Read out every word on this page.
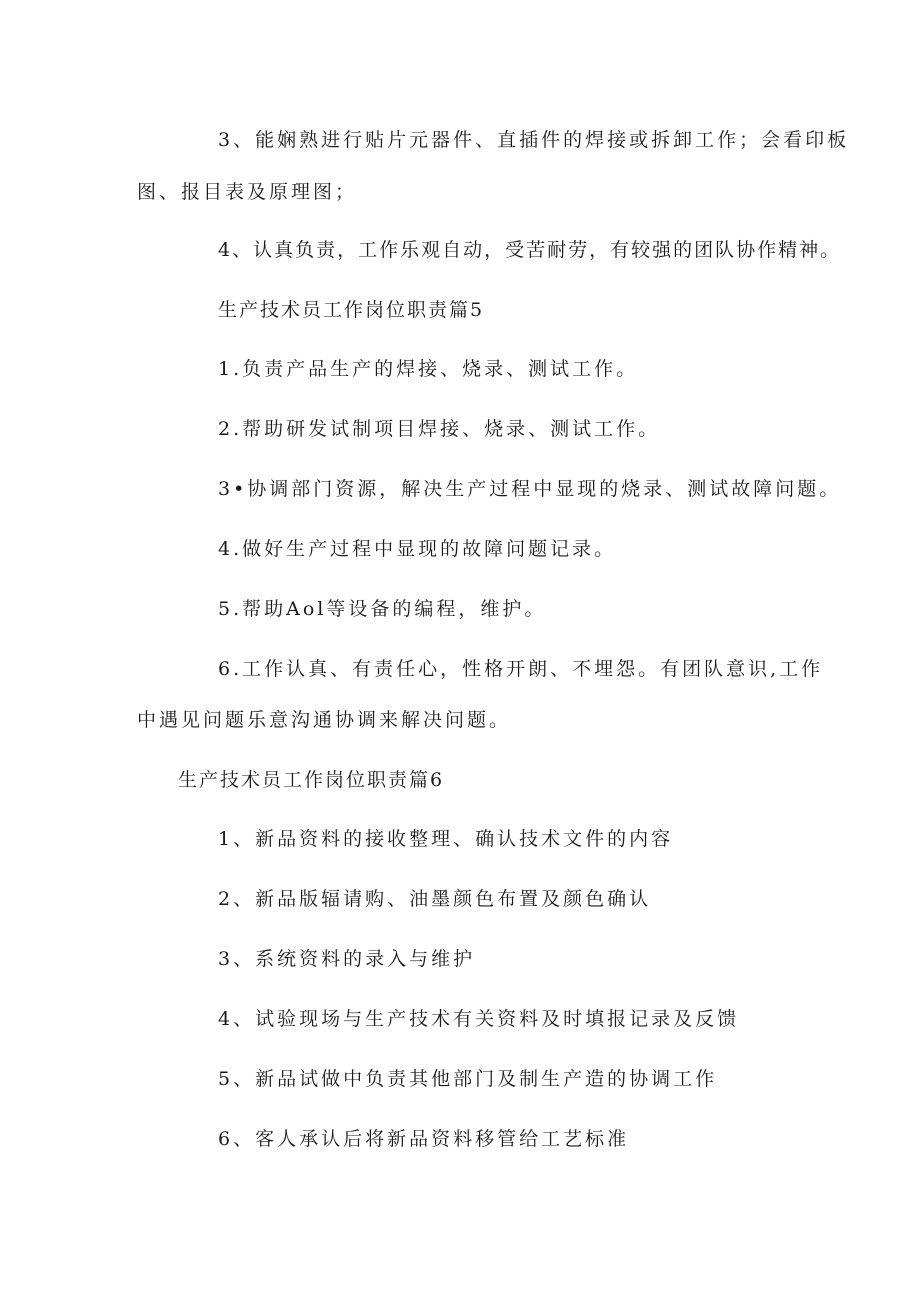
3、能娴熟进行贴片元器件、直插件的焊接或拆卸工作；会看印板
图、报目表及原理图；
4、认真负责，工作乐观自动，受苦耐劳，有较强的团队协作精神。
生产技术员工作岗位职责篇5
1.负责产品生产的焊接、烧录、测试工作。
2.帮助研发试制项目焊接、烧录、测试工作。
3•协调部门资源，解决生产过程中显现的烧录、测试故障问题。
4.做好生产过程中显现的故障问题记录。
5.帮助Aol等设备的编程，维护。
6.工作认真、有责任心，性格开朗、不埋怨。有团队意识,工作
中遇见问题乐意沟通协调来解决问题。
生产技术员工作岗位职责篇6
1、新品资料的接收整理、确认技术文件的内容
2、新品版辐请购、油墨颜色布置及颜色确认
3、系统资料的录入与维护
4、试验现场与生产技术有关资料及时填报记录及反馈
5、新品试做中负责其他部门及制生产造的协调工作
6、客人承认后将新品资料移管给工艺标准
